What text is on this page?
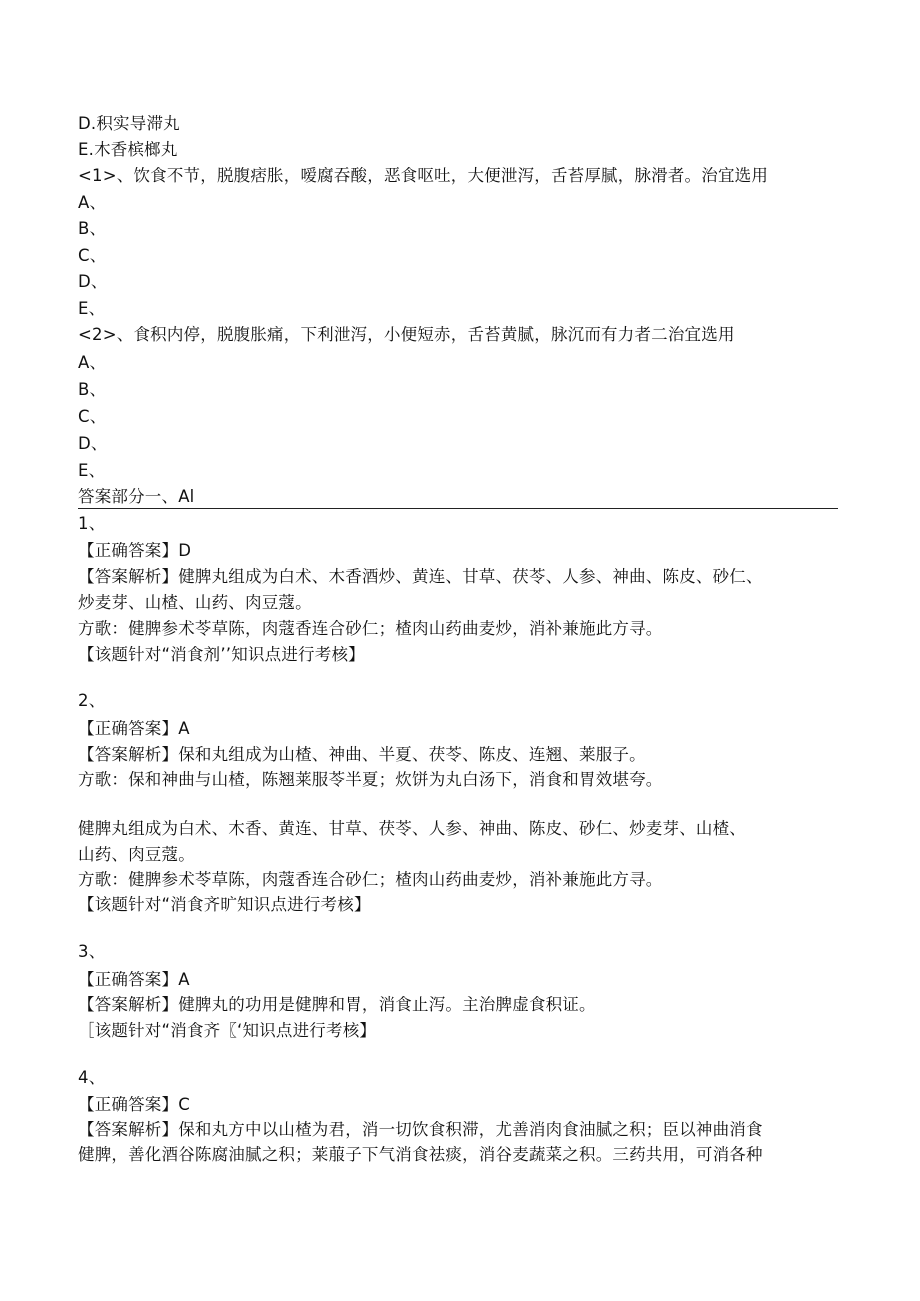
D.积实导滞丸
E.木香槟榔丸
<1>、饮食不节，脱腹痞胀，嗳腐吞酸，恶食呕吐，大便泄泻，舌苔厚腻，脉滑者。治宜选用
A、
B、
C、
D、
E、
<2>、食积内停，脱腹胀痛，下利泄泻，小便短赤，舌苔黄腻，脉沉而有力者二治宜选用
A、
B、
C、
D、
E、
答案部分一、Al
1、
【正确答案】D
【答案解析】健脾丸组成为白术、木香酒炒、黄连、甘草、茯苓、人参、神曲、陈皮、砂仁、
炒麦芽、山楂、山药、肉豆蔻。
方歌：健脾参术苓草陈，肉蔻香连合砂仁；楂肉山药曲麦炒，消补兼施此方寻。
【该题针对“消食剂’’知识点进行考核】
2、
【正确答案】A
【答案解析】保和丸组成为山楂、神曲、半夏、茯苓、陈皮、连翘、莱服子。
方歌：保和神曲与山楂，陈翘莱服苓半夏；炊饼为丸白汤下，消食和胃效堪夸。
健脾丸组成为白术、木香、黄连、甘草、茯苓、人参、神曲、陈皮、砂仁、炒麦芽、山楂、
山药、肉豆蔻。
方歌：健脾参术苓草陈，肉蔻香连合砂仁；楂肉山药曲麦炒，消补兼施此方寻。
【该题针对“消食齐旷知识点进行考核】
3、
【正确答案】A
【答案解析】健脾丸的功用是健脾和胃，消食止泻。主治脾虚食积证。
［该题针对“消食齐〖‘知识点进行考核】
4、
【正确答案】C
【答案解析】保和丸方中以山楂为君，消一切饮食积滞，尤善消肉食油腻之积；臣以神曲消食
健脾，善化酒谷陈腐油腻之积；莱菔子下气消食祛痰，消谷麦蔬菜之积。三药共用，可消各种
